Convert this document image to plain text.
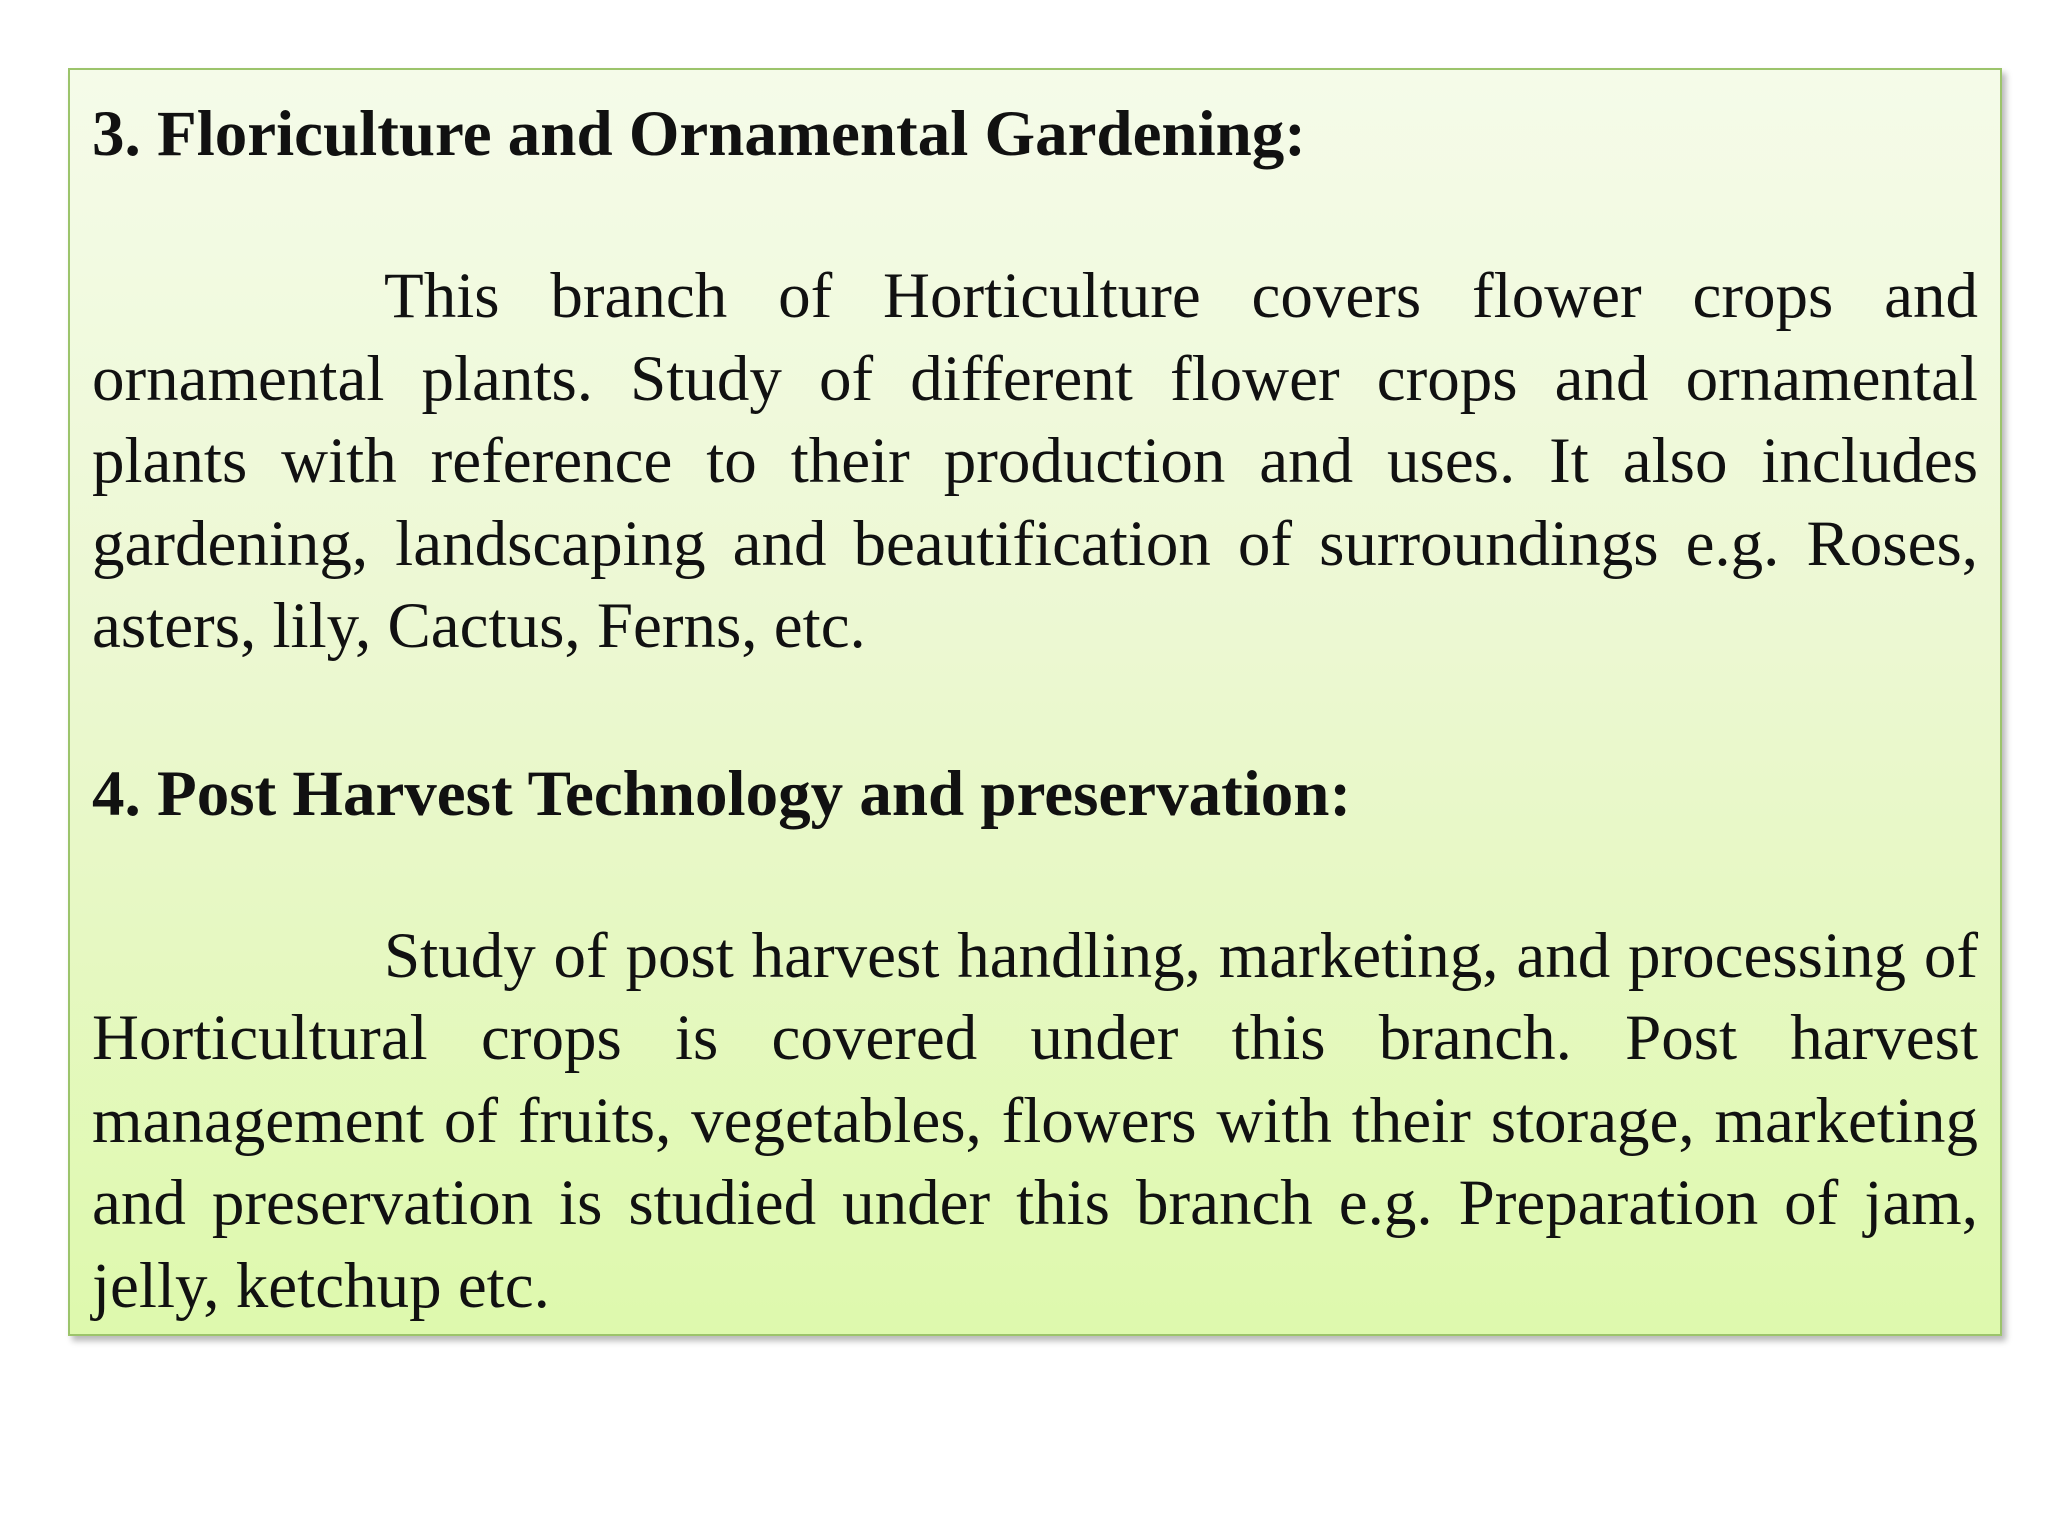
3. Floriculture and Ornamental Gardening:

This branch of Horticulture covers flower crops and ornamental plants. Study of different flower crops and ornamental plants with reference to their production and uses. It also includes gardening, landscaping and beautification of surroundings e.g. Roses, asters, lily, Cactus, Ferns, etc.

4. Post Harvest Technology and preservation:

Study of post harvest handling, marketing, and processing of Horticultural crops is covered under this branch. Post harvest management of fruits, vegetables, flowers with their storage, marketing and preservation is studied under this branch e.g. Preparation of jam, jelly, ketchup etc.
